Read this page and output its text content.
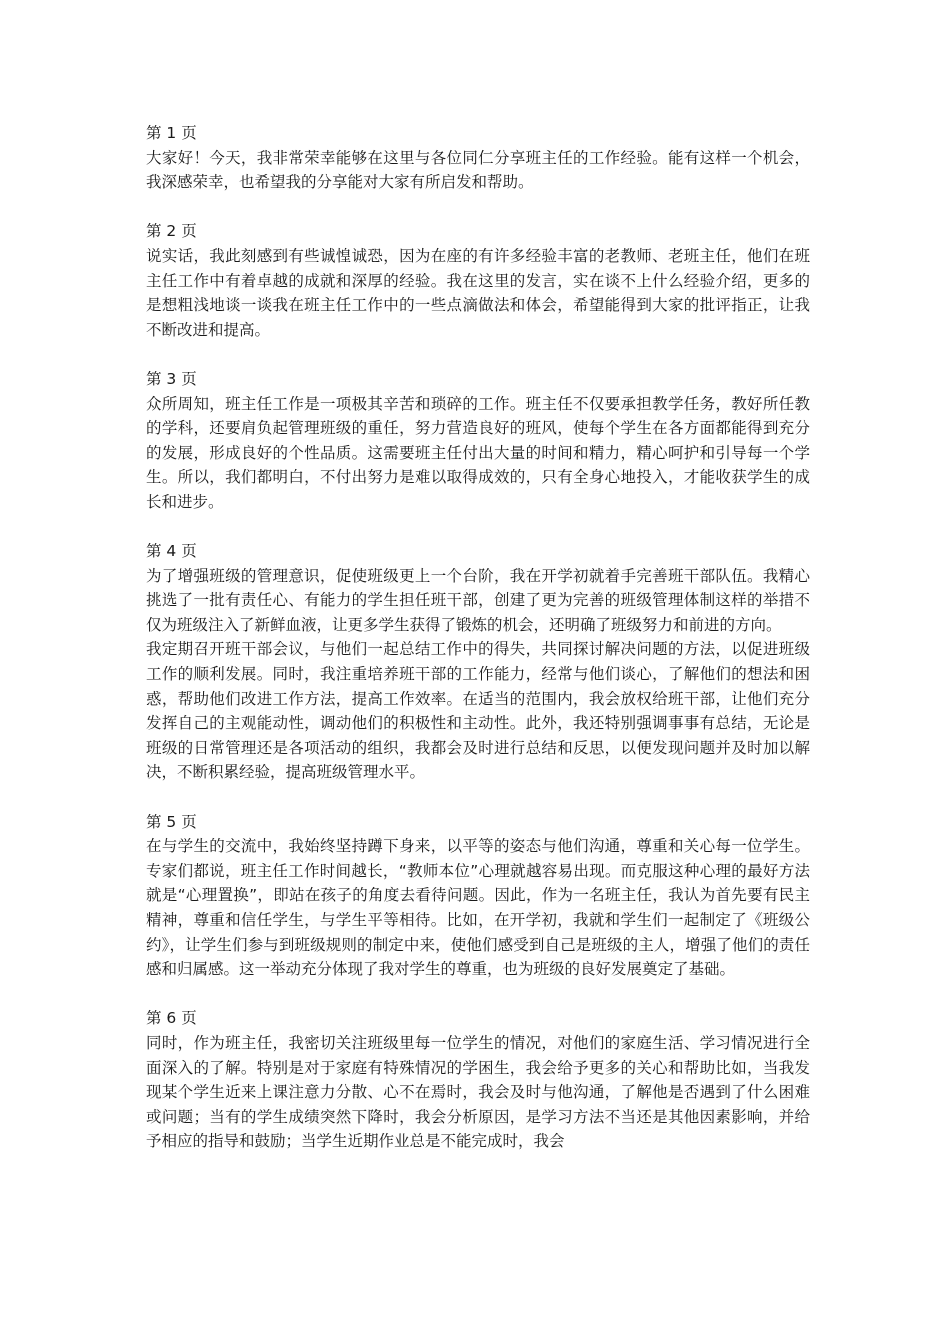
第 1 页
大家好！今天，我非常荣幸能够在这里与各位同仁分享班主任的工作经验。能有这样一个机会，我深感荣幸，也希望我的分享能对大家有所启发和帮助。
第 2 页
说实话，我此刻感到有些诚惶诚恐，因为在座的有许多经验丰富的老教师、老班主任，他们在班主任工作中有着卓越的成就和深厚的经验。我在这里的发言，实在谈不上什么经验介绍，更多的是想粗浅地谈一谈我在班主任工作中的一些点滴做法和体会，希望能得到大家的批评指正，让我不断改进和提高。
第 3 页
众所周知，班主任工作是一项极其辛苦和琐碎的工作。班主任不仅要承担教学任务，教好所任教的学科，还要肩负起管理班级的重任，努力营造良好的班风，使每个学生在各方面都能得到充分的发展，形成良好的个性品质。这需要班主任付出大量的时间和精力，精心呵护和引导每一个学生。所以，我们都明白，不付出努力是难以取得成效的，只有全身心地投入，才能收获学生的成长和进步。
第 4 页
为了增强班级的管理意识，促使班级更上一个台阶，我在开学初就着手完善班干部队伍。我精心挑选了一批有责任心、有能力的学生担任班干部，创建了更为完善的班级管理体制这样的举措不仅为班级注入了新鲜血液，让更多学生获得了锻炼的机会，还明确了班级努力和前进的方向。
我定期召开班干部会议，与他们一起总结工作中的得失，共同探讨解决问题的方法，以促进班级工作的顺利发展。同时，我注重培养班干部的工作能力，经常与他们谈心，了解他们的想法和困惑，帮助他们改进工作方法，提高工作效率。在适当的范围内，我会放权给班干部，让他们充分发挥自己的主观能动性，调动他们的积极性和主动性。此外，我还特别强调事事有总结，无论是班级的日常管理还是各项活动的组织，我都会及时进行总结和反思，以便发现问题并及时加以解决，不断积累经验，提高班级管理水平。
第 5 页
在与学生的交流中，我始终坚持蹲下身来，以平等的姿态与他们沟通，尊重和关心每一位学生。专家们都说，班主任工作时间越长，“教师本位”心理就越容易出现。而克服这种心理的最好方法就是“心理置换”，即站在孩子的角度去看待问题。因此，作为一名班主任，我认为首先要有民主精神，尊重和信任学生，与学生平等相待。比如，在开学初，我就和学生们一起制定了《班级公约》，让学生们参与到班级规则的制定中来，使他们感受到自己是班级的主人，增强了他们的责任感和归属感。这一举动充分体现了我对学生的尊重，也为班级的良好发展奠定了基础。
第 6 页
同时，作为班主任，我密切关注班级里每一位学生的情况，对他们的家庭生活、学习情况进行全面深入的了解。特别是对于家庭有特殊情况的学困生，我会给予更多的关心和帮助比如，当我发现某个学生近来上课注意力分散、心不在焉时，我会及时与他沟通，了解他是否遇到了什么困难或问题；当有的学生成绩突然下降时，我会分析原因，是学习方法不当还是其他因素影响，并给予相应的指导和鼓励；当学生近期作业总是不能完成时，我会
